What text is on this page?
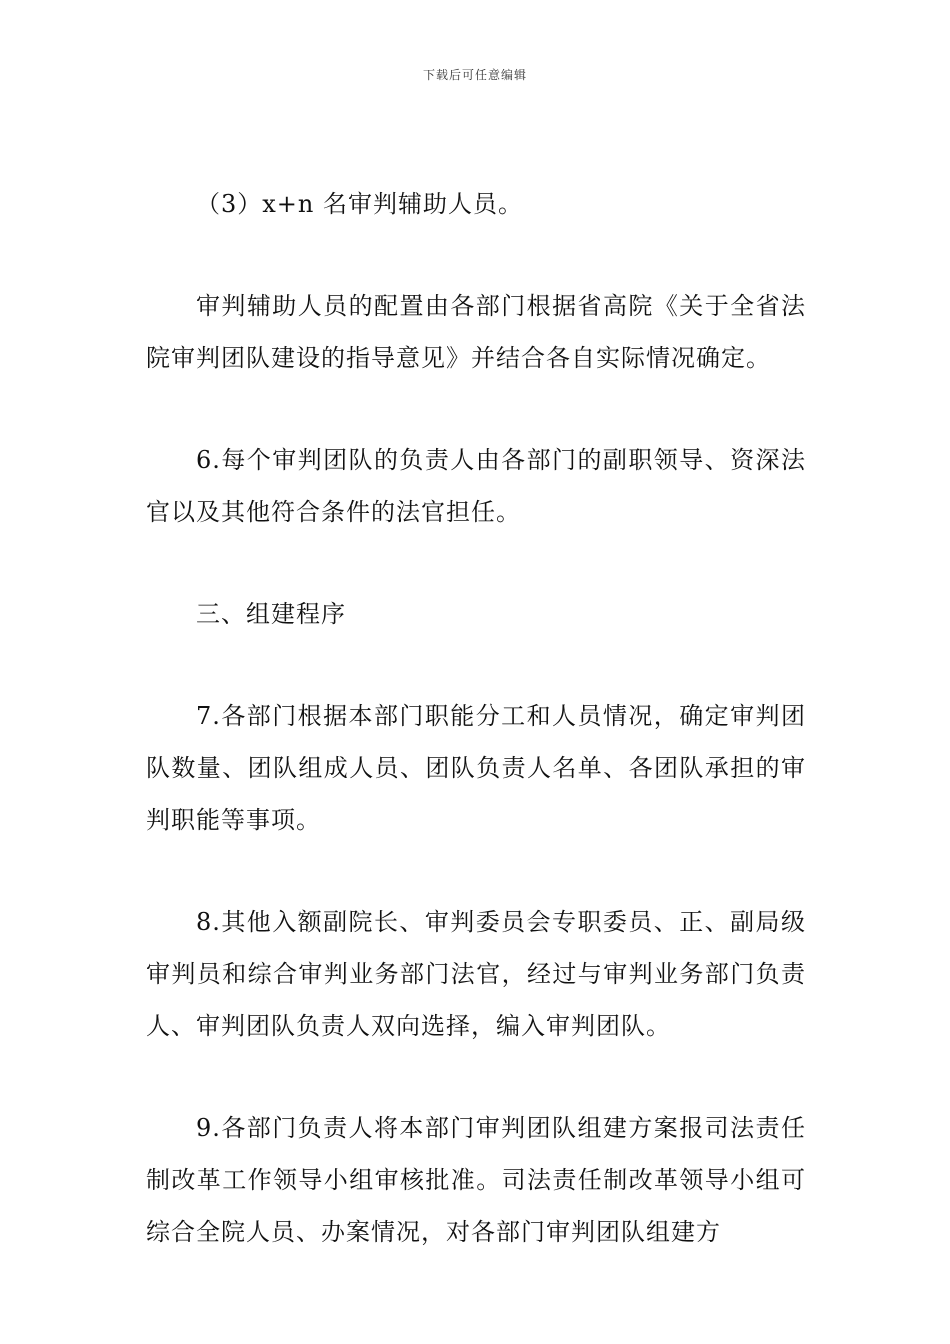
下载后可任意编辑

（3）x+n 名审判辅助人员。

审判辅助人员的配置由各部门根据省高院《关于全省法院审判团队建设的指导意见》并结合各自实际情况确定。

6.每个审判团队的负责人由各部门的副职领导、资深法官以及其他符合条件的法官担任。

三、组建程序

7.各部门根据本部门职能分工和人员情况，确定审判团队数量、团队组成人员、团队负责人名单、各团队承担的审判职能等事项。

8.其他入额副院长、审判委员会专职委员、正、副局级审判员和综合审判业务部门法官，经过与审判业务部门负责人、审判团队负责人双向选择，编入审判团队。

9.各部门负责人将本部门审判团队组建方案报司法责任制改革工作领导小组审核批准。司法责任制改革领导小组可综合全院人员、办案情况，对各部门审判团队组建方
